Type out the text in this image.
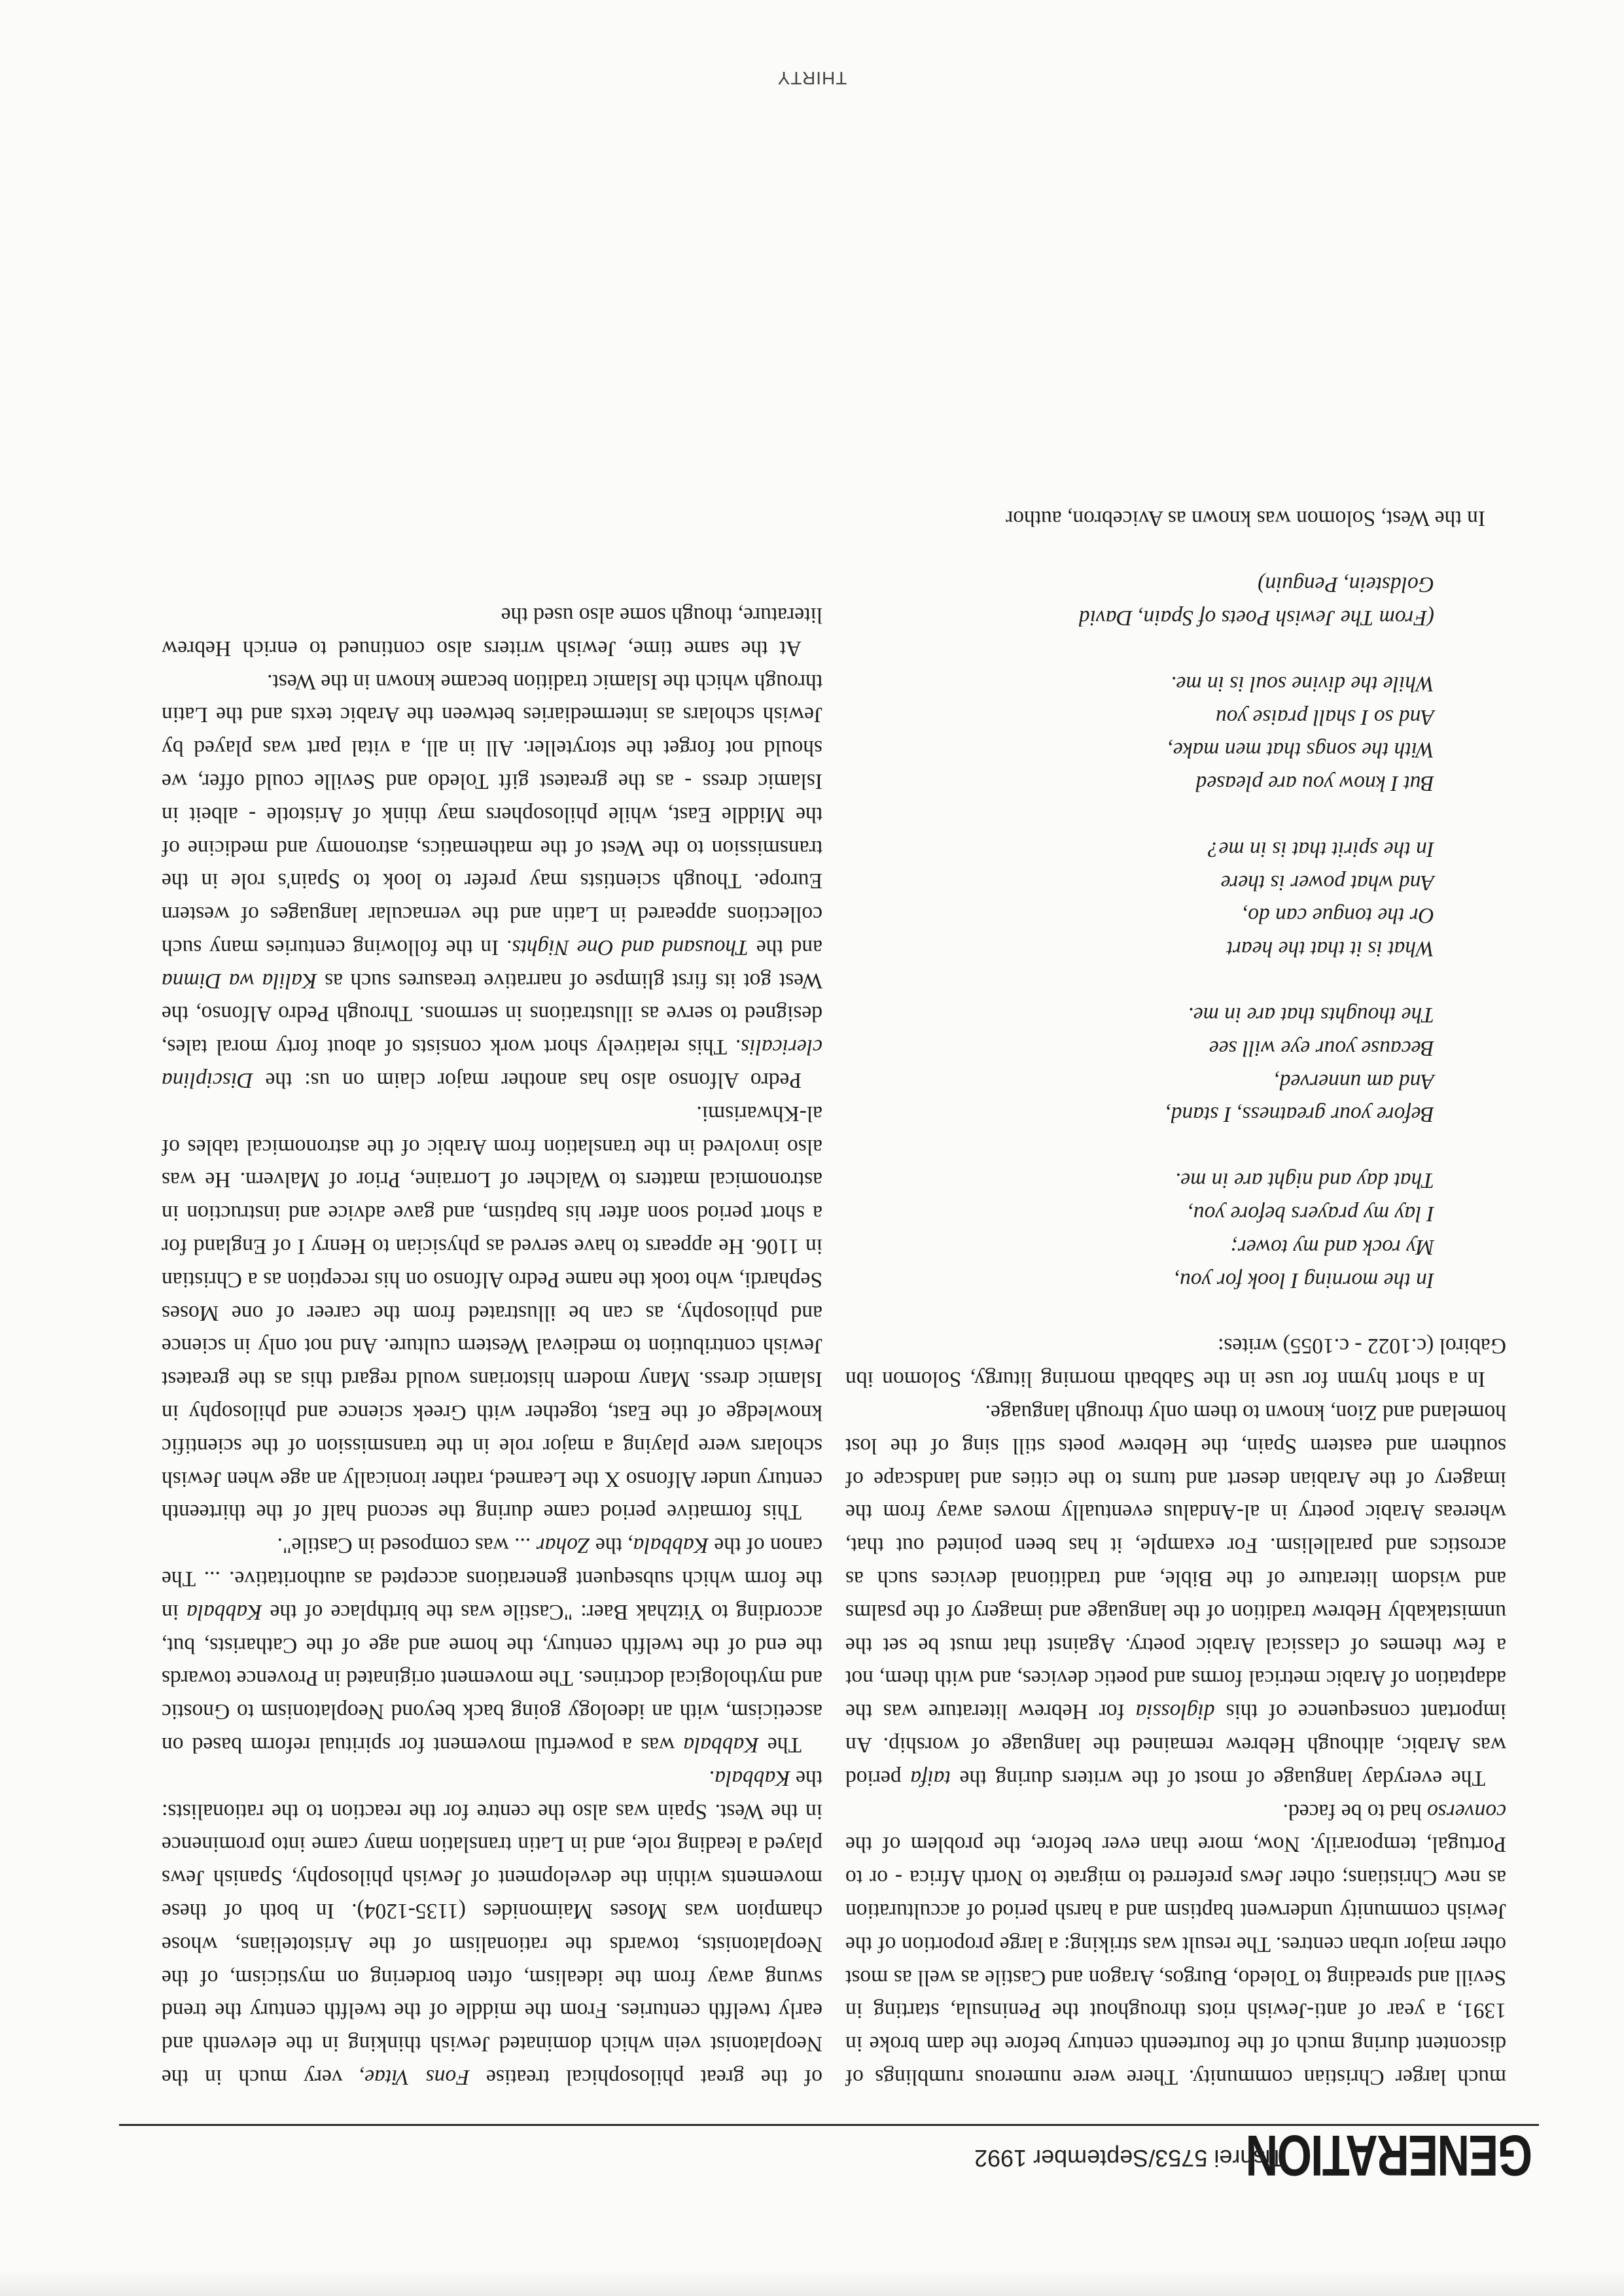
GENERATION
Tishrei 5753/September 1992

much larger Christian community. There were numerous rumblings of discontent during much of the fourteenth century before the dam broke in 1391, a year of anti-Jewish riots throughout the Peninsula, starting in Sevill and spreading to Toledo, Burgos, Aragon and Castile as well as most other major urban centres. The result was striking: a large proportion of the Jewish community underwent baptism and a harsh period of acculturation as new Christians; other Jews preferred to migrate to North Africa - or to Portugal, temporarily. Now, more than ever before, the problem of the converso had to be faced.

The everyday language of most of the writers during the taifa period was Arabic, although Hebrew remained the language of worship. An important consequence of this diglossia for Hebrew literature was the adaptation of Arabic metrical forms and poetic devices, and with them, not a few themes of classical Arabic poetry. Against that must be set the unmistakably Hebrew tradition of the language and imagery of the psalms and wisdom literature of the Bible, and traditional devices such as acrostics and parallelism. For example, it has been pointed out that, whereas Arabic poetry in al-Andalus eventually moves away from the imagery of the Arabian desert and turns to the cities and landscape of southern and eastern Spain, the Hebrew poets still sing of the lost homeland and Zion, known to them only through language.

In a short hymn for use in the Sabbath morning liturgy, Solomon ibn Gabirol (c.1022 - c.1055) writes:

In the morning I look for you,
My rock and my tower;
I lay my prayers before you,
That day and night are in me.
Before your greatness, I stand,
And am unnerved,
Because your eye will see
The thoughts that are in me.
What is it that the heart
Or the tongue can do,
And what power is there
In the spirit that is in me?
But I know you are pleased
With the songs that men make,
And so I shall praise you
While the divine soul is in me.
(From The Jewish Poets of Spain, David
Goldstein, Penguin)

In the West, Solomon was known as Avicebron, author

of the great philosophical treatise Fons Vitae, very much in the Neoplatonist vein which dominated Jewish thinking in the eleventh and early twelfth centuries. From the middle of the twelfth century the trend swung away from the idealism, often bordering on mysticism, of the Neoplatonists, towards the rationalism of the Aristotelians, whose champion was Moses Maimonides (1135-1204). In both of these movements within the development of Jewish philosophy, Spanish Jews played a leading role, and in Latin translation many came into prominence in the West. Spain was also the centre for the reaction to the rationalists: the Kabbala.

The Kabbala was a powerful movement for spiritual reform based on asceticism, with an ideology going back beyond Neoplatonism to Gnostic and mythological doctrines. The movement originated in Provence towards the end of the twelfth century, the home and age of the Catharists, but, according to Yitzhak Baer: "Castile was the birthplace of the Kabbala in the form which subsequent generations accepted as authoritative. ... The canon of the Kabbala, the Zohar ... was composed in Castile".

This formative period came during the second half of the thirteenth century under Alfonso X the Learned, rather ironically an age when Jewish scholars were playing a major role in the transmission of the scientific knowledge of the East, together with Greek science and philosophy in Islamic dress. Many modern historians would regard this as the greatest Jewish contribution to medieval Western culture. And not only in science and philosophy, as can be illustrated from the career of one Moses Sephardi, who took the name Pedro Alfonso on his reception as a Christian in 1106. He appears to have served as physician to Henry I of England for a short period soon after his baptism, and gave advice and instruction in astronomical matters to Walcher of Lorraine, Prior of Malvern. He was also involved in the translation from Arabic of the astronomical tables of al-Khwarismi.

Pedro Alfonso also has another major claim on us: the Disciplina clericalis. This relatively short work consists of about forty moral tales, designed to serve as illustrations in sermons. Through Pedro Alfonso, the West got its first glimpse of narrative treasures such as Kalila wa Dimna and the Thousand and One Nights. In the following centuries many such collections appeared in Latin and the vernacular languages of western Europe. Though scientists may prefer to look to Spain's role in the transmission to the West of the mathematics, astronomy and medicine of the Middle East, while philosophers may think of Aristotle - albeit in Islamic dress - as the greatest gift Toledo and Seville could offer, we should not forget the storyteller. All in all, a vital part was played by Jewish scholars as intermediaries between the Arabic texts and the Latin through which the Islamic tradition became known in the West.

At the same time, Jewish writers also continued to enrich Hebrew literature, though some also used the

THIRTY
